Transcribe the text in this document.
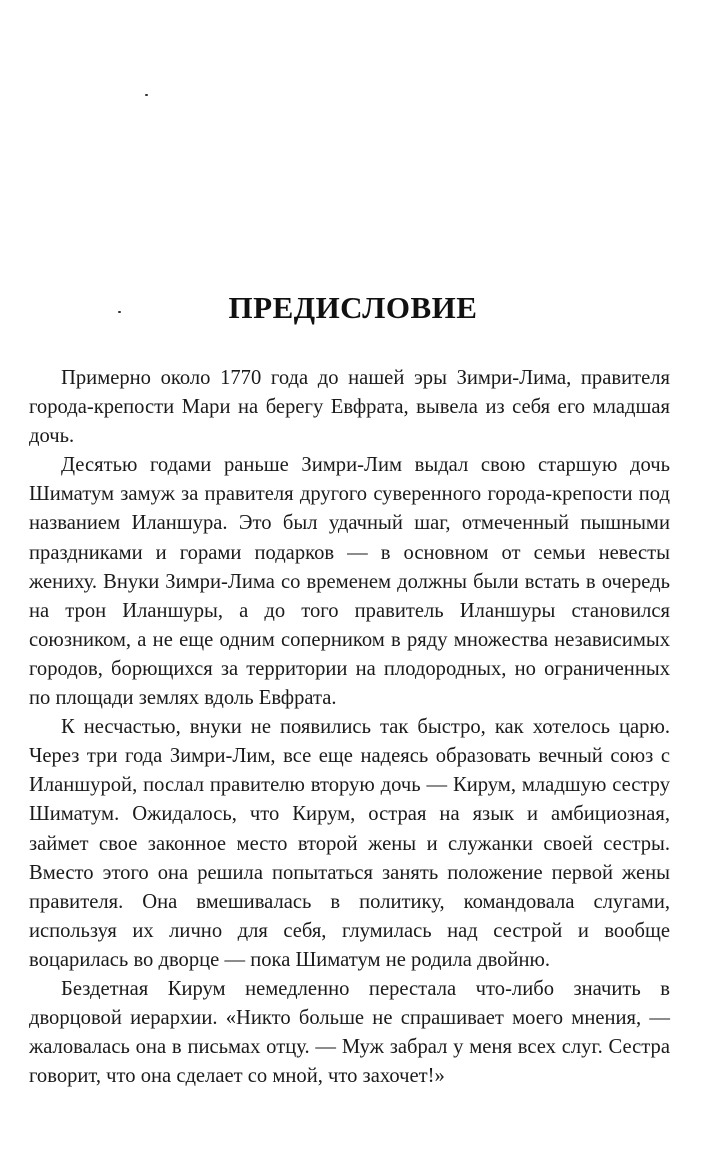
ПРЕДИСЛОВИЕ

Примерно около 1770 года до нашей эры Зимри-Лима, правителя города-крепости Мари на берегу Евфрата, вывела из себя его младшая дочь.

Десятью годами раньше Зимри-Лим выдал свою старшую дочь Шиматум замуж за правителя другого суверенного города-крепости под названием Иланшура. Это был удачный шаг, отмеченный пышными праздниками и горами подарков — в основном от семьи невесты жениху. Внуки Зимри-Лима со временем должны были встать в очередь на трон Иланшуры, а до того правитель Иланшуры становился союзником, а не еще одним соперником в ряду множества независимых городов, борющихся за территории на плодородных, но ограниченных по площади землях вдоль Евфрата.

К несчастью, внуки не появились так быстро, как хотелось царю. Через три года Зимри-Лим, все еще надеясь образовать вечный союз с Иланшурой, послал правителю вторую дочь — Кирум, младшую сестру Шиматум. Ожидалось, что Кирум, острая на язык и амбициозная, займет свое законное место второй жены и служанки своей сестры. Вместо этого она решила попытаться занять положение первой жены правителя. Она вмешивалась в политику, командовала слугами, используя их лично для себя, глумилась над сестрой и вообще воцарилась во дворце — пока Шиматум не родила двойню.

Бездетная Кирум немедленно перестала что-либо значить в дворцовой иерархии. «Никто больше не спрашивает моего мнения, — жаловалась она в письмах отцу. — Муж забрал у меня всех слуг. Сестра говорит, что она сделает со мной, что захочет!»
